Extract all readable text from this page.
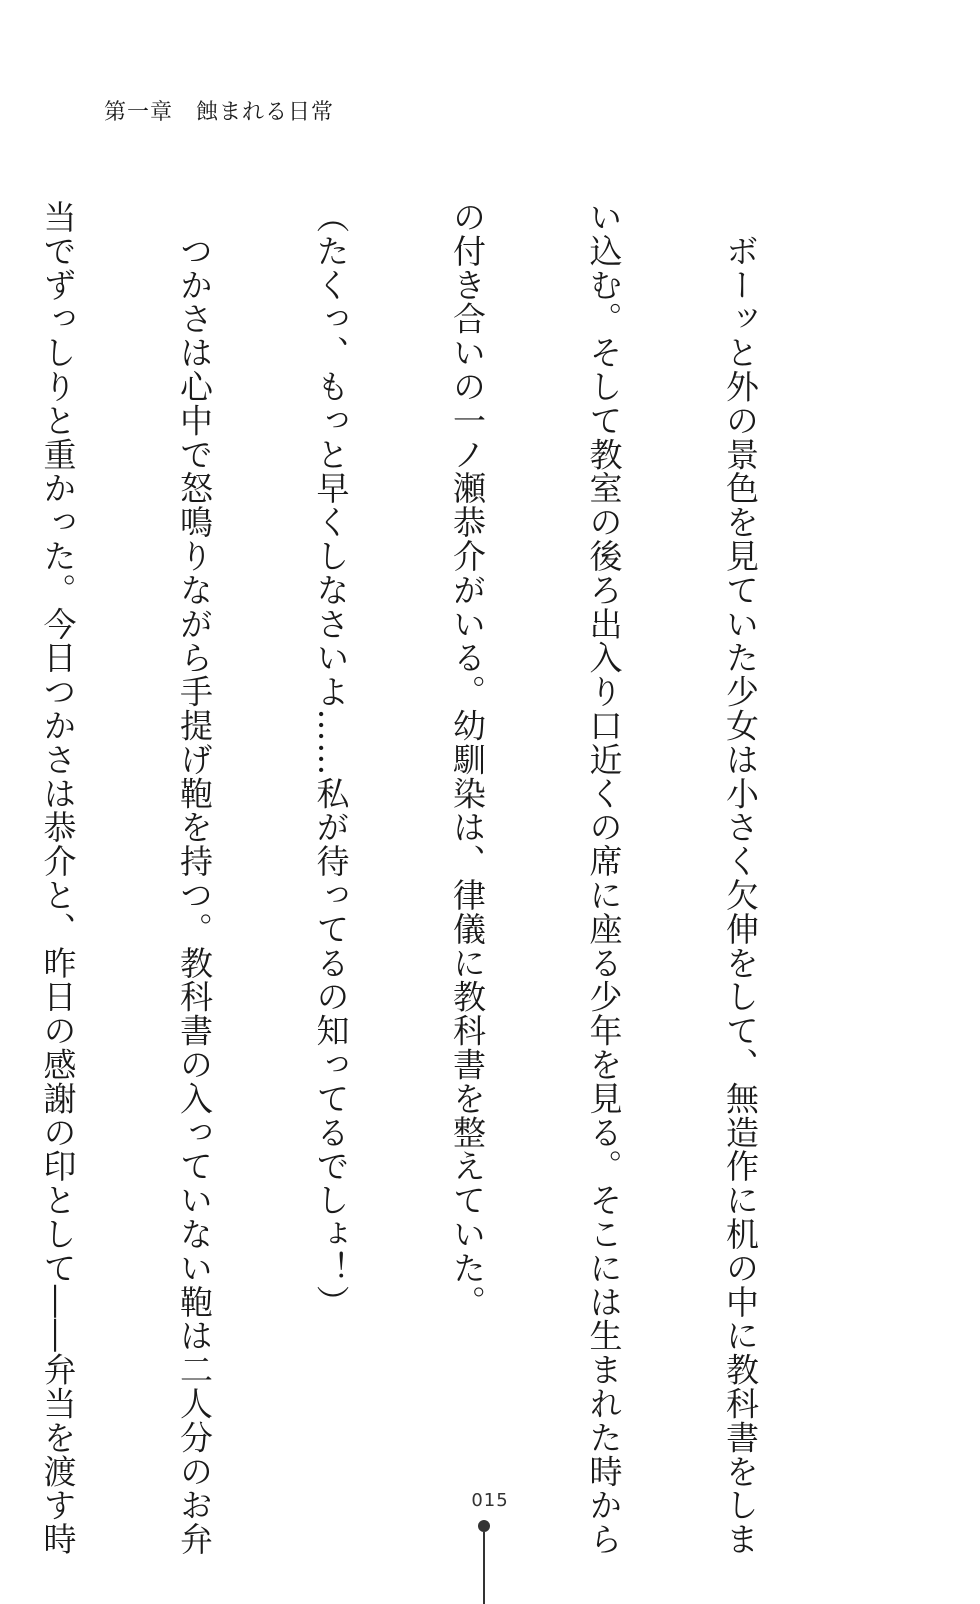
第一章　蝕まれる日常

　ボーッと外の景色を見ていた少女は小さく欠伸をして、無造作に机の中に教科書をしま

い込む。そして教室の後ろ出入り口近くの席に座る少年を見る。そこには生まれた時から

の付き合いの一ノ瀬恭介がいる。幼馴染は、律儀に教科書を整えていた。

（たくっ、もっと早くしなさいよ……私が待ってるの知ってるでしょ！）

　つかさは心中で怒鳴りながら手提げ鞄を持つ。教科書の入っていない鞄は二人分のお弁

当でずっしりと重かった。今日つかさは恭介と、昨日の感謝の印として――弁当を渡す時

	015
